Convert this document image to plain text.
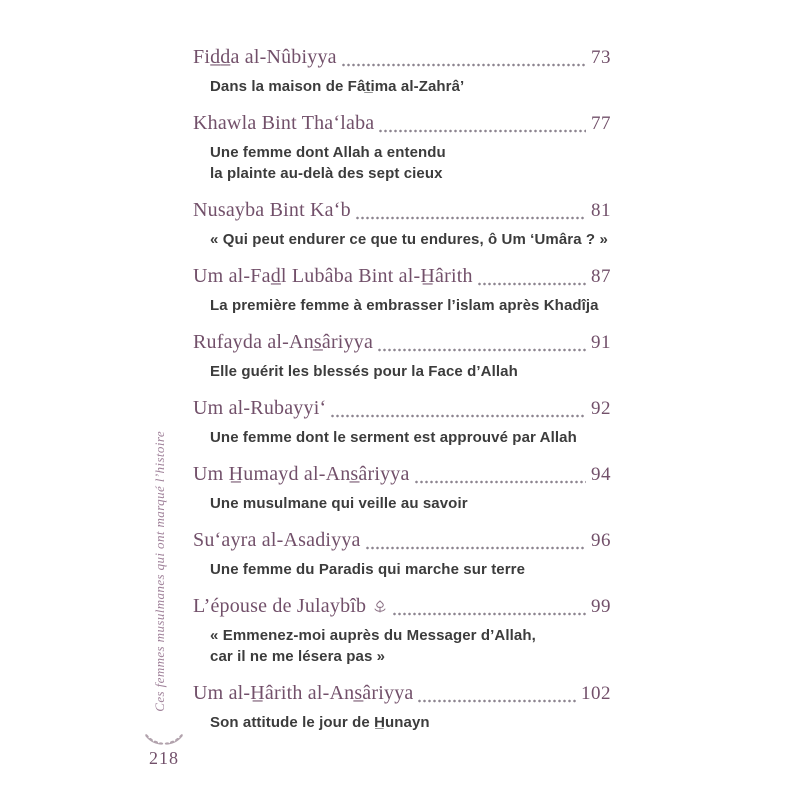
Fid̲d̲a al-Nûbiyya	73
Dans la maison de Fât̲ima al-Zahrâ’
Khawla Bint Tha‘laba	77
Une femme dont Allah a entendu
la plainte au-delà des sept cieux
Nusayba Bint Ka‘b	81
« Qui peut endurer ce que tu endures, ô Um ‘Umâra ? »
Um al-Fad̲l Lubâba Bint al-H̲ârith	87
La première femme à embrasser l’islam après Khadîja
Rufayda al-Ans̲âriyya	91
Elle guérit les blessés pour la Face d’Allah
Um al-Rubayyi‘	92
Une femme dont le serment est approuvé par Allah
Um H̲umayd al-Ans̲âriyya	94
Une musulmane qui veille au savoir
Su‘ayra al-Asadiyya	96
Une femme du Paradis qui marche sur terre
L’épouse de Julaybîb	99
« Emmenez-moi auprès du Messager d’Allah,
car il ne me lésera pas »
Um al-H̲ârith al-Ans̲âriyya	102
Son attitude le jour de H̲unayn
Ces femmes musulmanes qui ont marqué l’histoire
218
